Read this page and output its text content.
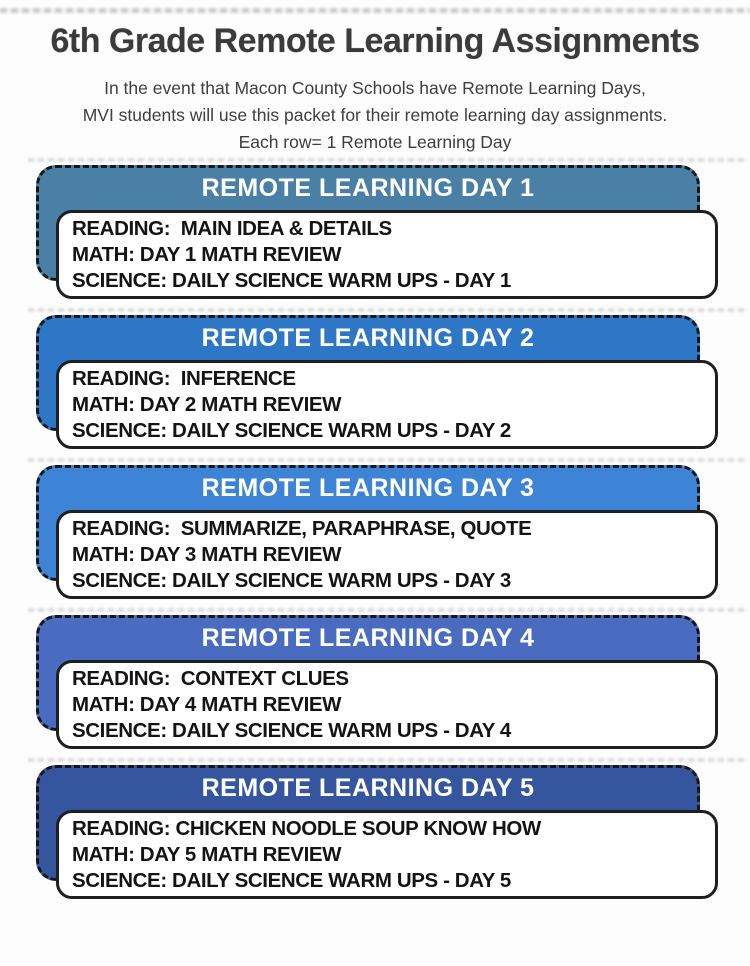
6th Grade Remote Learning Assignments

In the event that Macon County Schools have Remote Learning Days,

MVI students will use this packet for their remote learning day assignments.

Each row= 1 Remote Learning Day

REMOTE LEARNING DAY 1
READING:  MAIN IDEA & DETAILS
MATH: DAY 1 MATH REVIEW
SCIENCE: DAILY SCIENCE WARM UPS - DAY 1
REMOTE LEARNING DAY 2
READING:  INFERENCE
MATH: DAY 2 MATH REVIEW
SCIENCE: DAILY SCIENCE WARM UPS - DAY 2
REMOTE LEARNING DAY 3
READING:  SUMMARIZE, PARAPHRASE, QUOTE
MATH: DAY 3 MATH REVIEW
SCIENCE: DAILY SCIENCE WARM UPS - DAY 3
REMOTE LEARNING DAY 4
READING:  CONTEXT CLUES
MATH: DAY 4 MATH REVIEW
SCIENCE: DAILY SCIENCE WARM UPS - DAY 4
REMOTE LEARNING DAY 5
READING: CHICKEN NOODLE SOUP KNOW HOW
MATH: DAY 5 MATH REVIEW
SCIENCE: DAILY SCIENCE WARM UPS - DAY 5
